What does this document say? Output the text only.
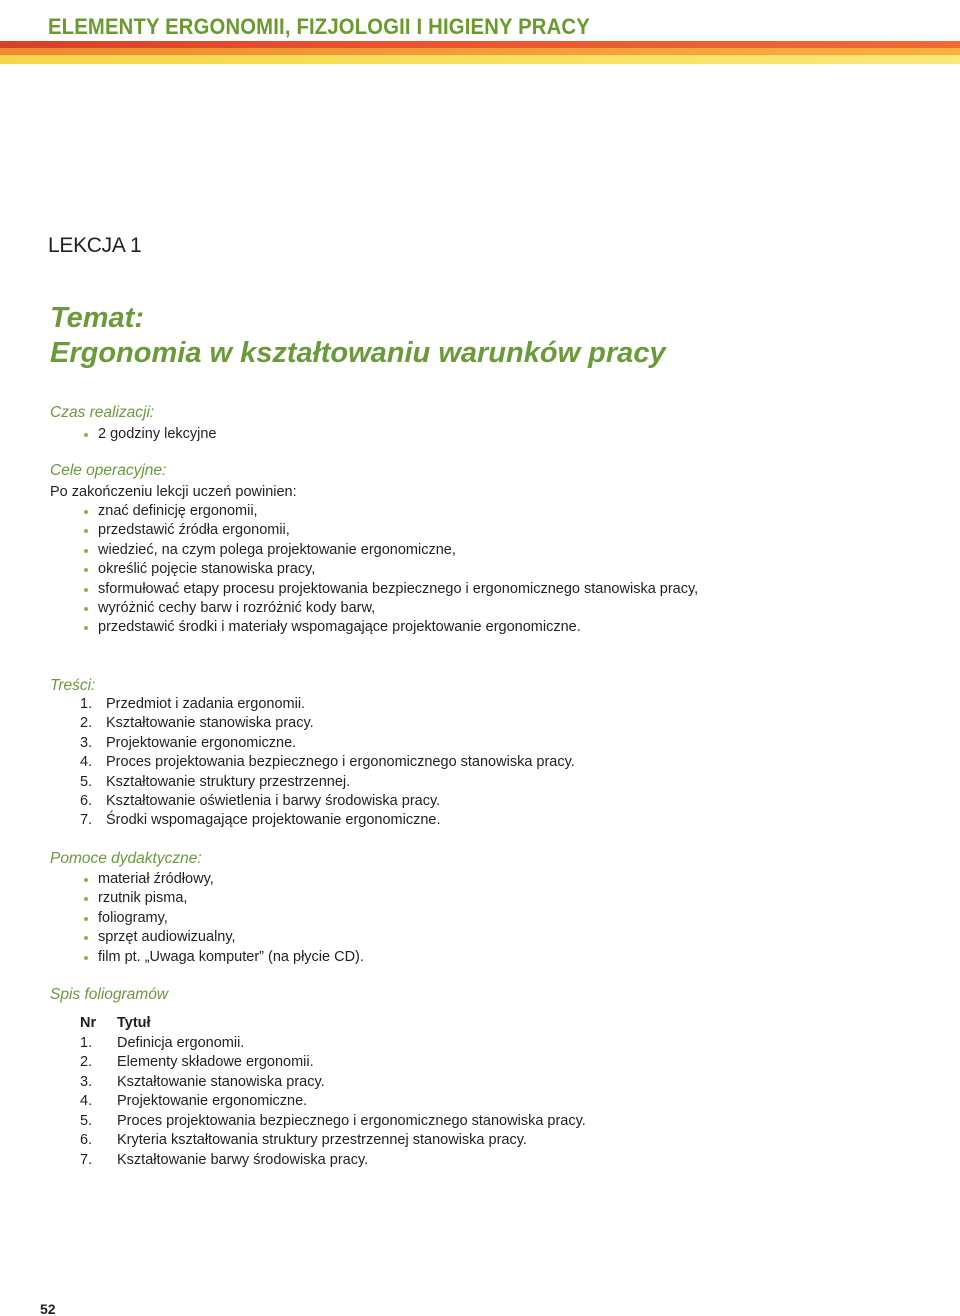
ELEMENTY ERGONOMII, FIZJOLOGII I HIGIENY PRACY
LEKCJA 1
Temat:
Ergonomia w kształtowaniu warunków pracy
Czas realizacji:
2 godziny lekcyjne
Cele operacyjne:
Po zakończeniu lekcji uczeń powinien:
znać definicję ergonomii,
przedstawić źródła ergonomii,
wiedzieć, na czym polega projektowanie ergonomiczne,
określić pojęcie stanowiska pracy,
sformułować etapy procesu projektowania bezpiecznego i ergonomicznego stanowiska pracy,
wyróżnić cechy barw i rozróżnić kody barw,
przedstawić środki i materiały wspomagające projektowanie ergonomiczne.
Treści:
1. Przedmiot i zadania ergonomii.
2. Kształtowanie stanowiska pracy.
3. Projektowanie ergonomiczne.
4. Proces projektowania bezpiecznego i ergonomicznego stanowiska pracy.
5. Kształtowanie struktury przestrzennej.
6. Kształtowanie oświetlenia i barwy środowiska pracy.
7. Środki wspomagające projektowanie ergonomiczne.
Pomoce dydaktyczne:
materiał źródłowy,
rzutnik pisma,
foliogramy,
sprzęt audiowizualny,
film pt. „Uwaga komputer” (na płycie CD).
Spis foliogramów
Nr Tytuł
1. Definicja ergonomii.
2. Elementy składowe ergonomii.
3. Kształtowanie stanowiska pracy.
4. Projektowanie ergonomiczne.
5. Proces projektowania bezpiecznego i ergonomicznego stanowiska pracy.
6. Kryteria kształtowania struktury przestrzennej stanowiska pracy.
7. Kształtowanie barwy środowiska pracy.
52
